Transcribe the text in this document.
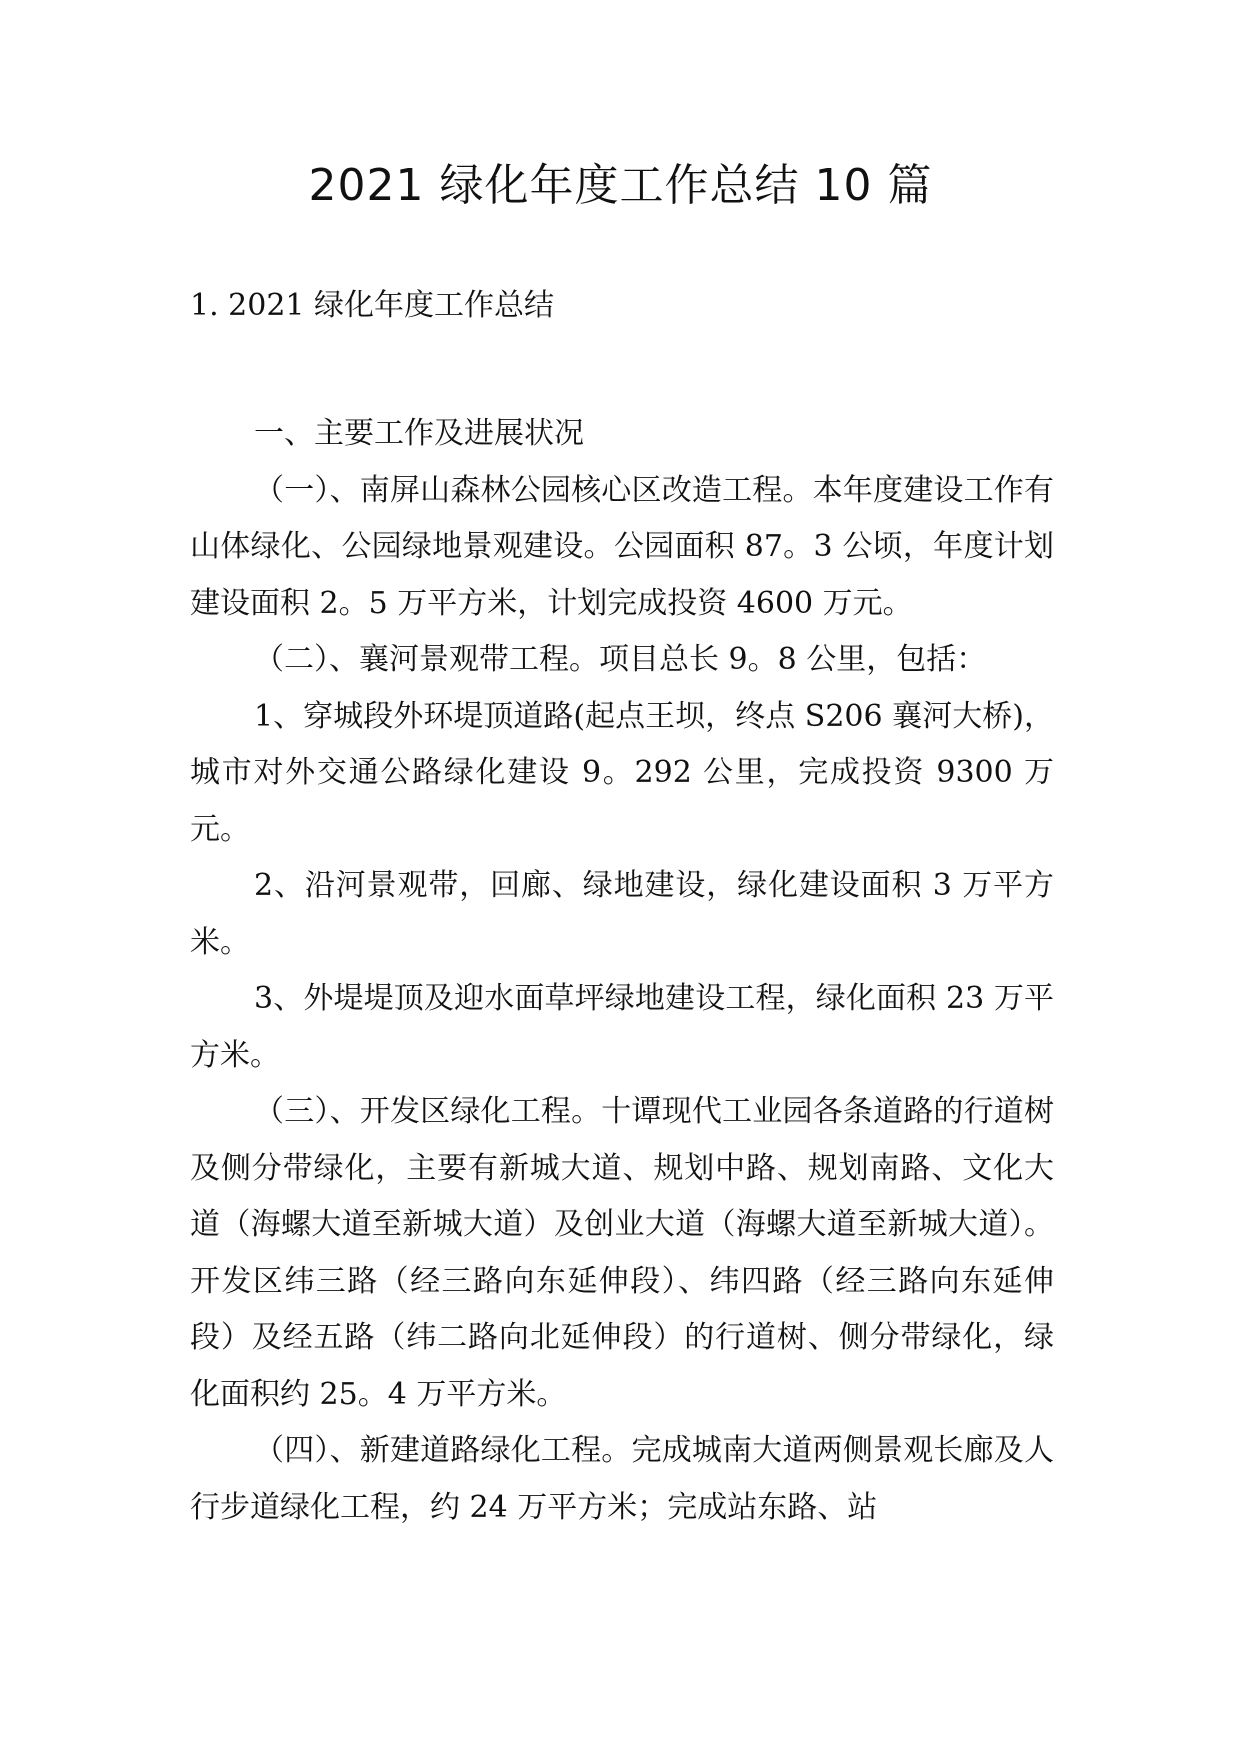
2021 绿化年度工作总结 10 篇
1. 2021 绿化年度工作总结

一、主要工作及进展状况

（一）、南屏山森林公园核心区改造工程。本年度建设工作有山体绿化、公园绿地景观建设。公园面积 87。3 公顷，年度计划建设面积 2。5 万平方米，计划完成投资 4600 万元。

（二）、襄河景观带工程。项目总长 9。8 公里，包括：

1、穿城段外环堤顶道路(起点王坝，终点 S206 襄河大桥)，城市对外交通公路绿化建设 9。292 公里，完成投资 9300 万元。

2、沿河景观带，回廊、绿地建设，绿化建设面积 3 万平方米。

3、外堤堤顶及迎水面草坪绿地建设工程，绿化面积 23 万平方米。

（三）、开发区绿化工程。十谭现代工业园各条道路的行道树及侧分带绿化，主要有新城大道、规划中路、规划南路、文化大道（海螺大道至新城大道）及创业大道（海螺大道至新城大道）。开发区纬三路（经三路向东延伸段）、纬四路（经三路向东延伸段）及经五路（纬二路向北延伸段）的行道树、侧分带绿化，绿化面积约 25。4 万平方米。

（四）、新建道路绿化工程。完成城南大道两侧景观长廊及人行步道绿化工程，约 24 万平方米；完成站东路、站
